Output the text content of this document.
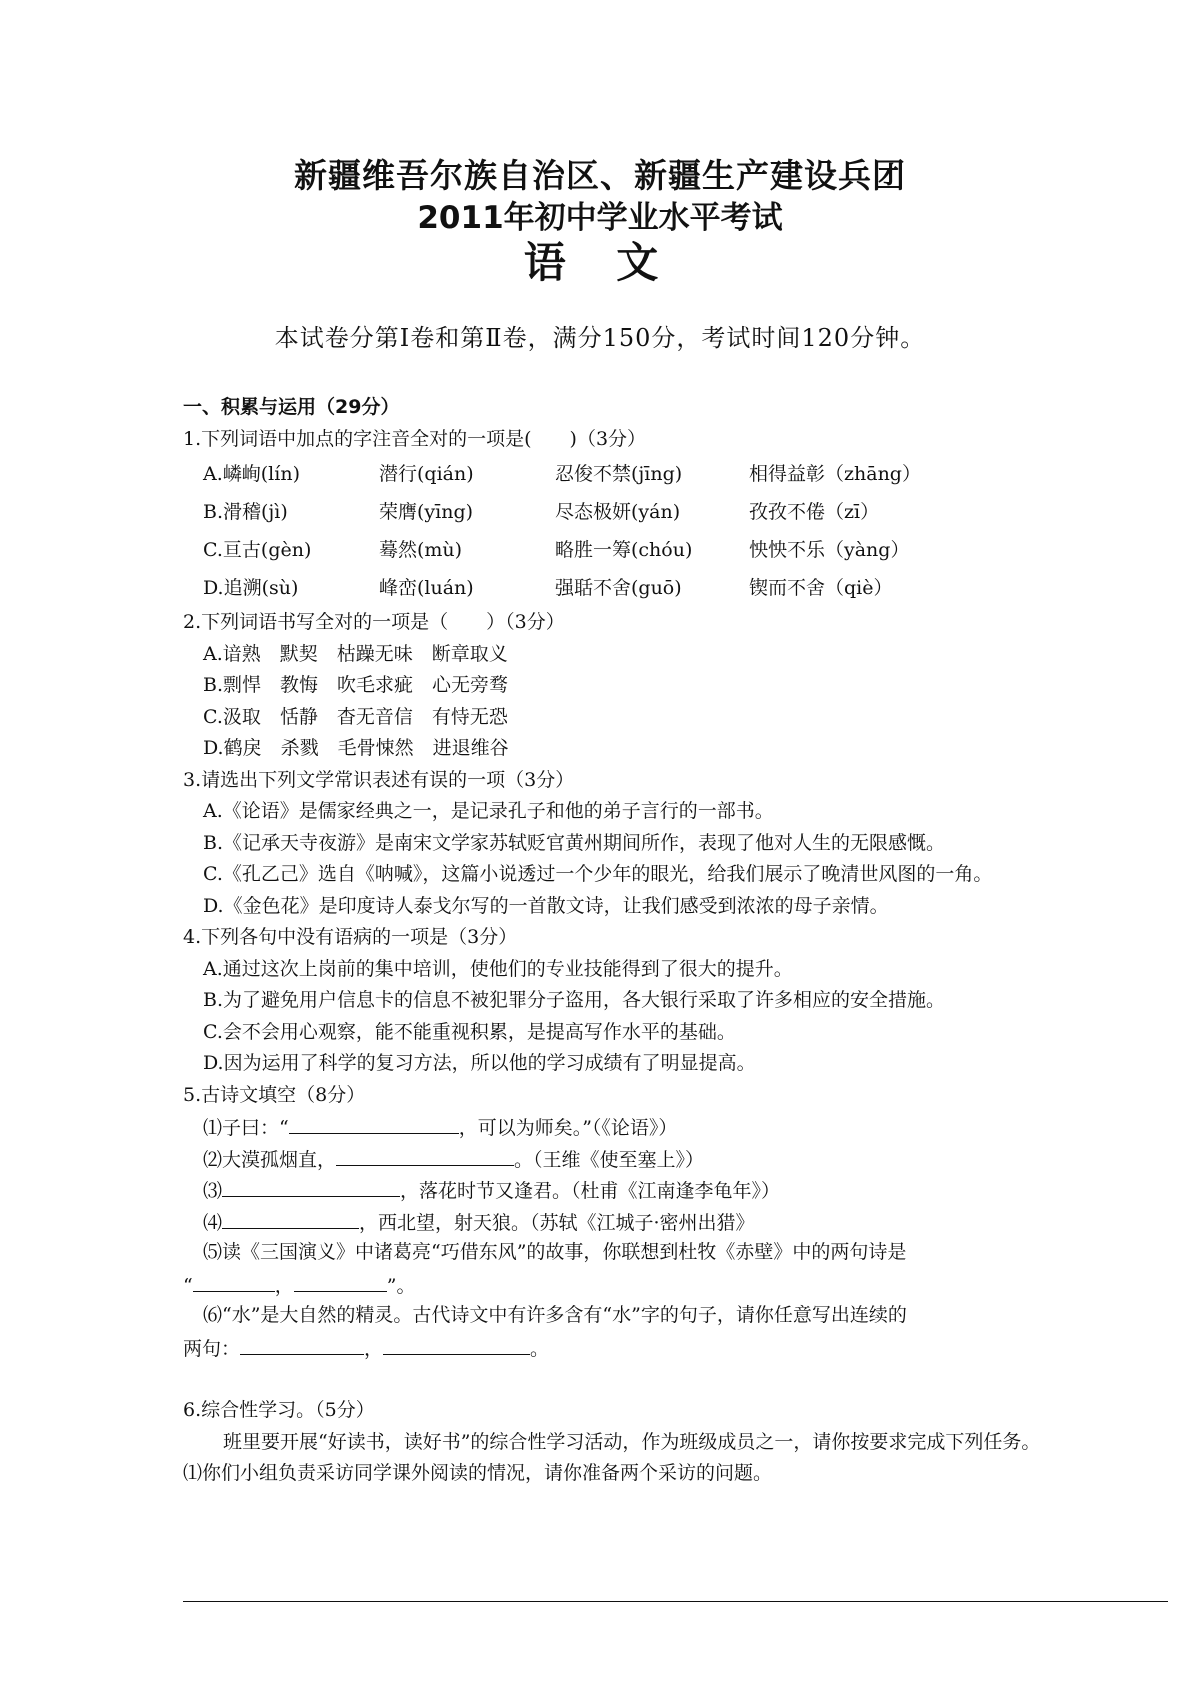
新疆维吾尔族自治区、新疆生产建设兵团
2011年初中学业水平考试
语 文
本试卷分第Ⅰ卷和第Ⅱ卷，满分150分，考试时间120分钟。
一、积累与运用（29分）
1.下列词语中加点的字注音全对的一项是(　　)（3分）
A.嶙峋(lín)	潜行(qián)	忍俊不禁(jīng)	相得益彰（zhāng）
B.滑稽(jì)	荣膺(yīng)	尽态极妍(yán)	孜孜不倦（zī）
C.亘古(gèn)	蓦然(mù)	略胜一筹(chóu)	怏怏不乐（yàng）
D.追溯(sù)	峰峦(luán)	强聒不舍(guō)	锲而不舍（qiè）
2.下列词语书写全对的一项是（　　）（3分）
A.谙熟　默契　枯躁无味　断章取义
B.剽悍　教悔　吹毛求疵　心无旁骛
C.汲取　恬静　杳无音信　有恃无恐
D.鹤戾　杀戮　毛骨悚然　进退维谷
3.请选出下列文学常识表述有误的一项（3分）
A.《论语》是儒家经典之一，是记录孔子和他的弟子言行的一部书。
B.《记承天寺夜游》是南宋文学家苏轼贬官黄州期间所作，表现了他对人生的无限感慨。
C.《孔乙己》选自《呐喊》，这篇小说透过一个少年的眼光，给我们展示了晚清世风图的一角。
D.《金色花》是印度诗人泰戈尔写的一首散文诗，让我们感受到浓浓的母子亲情。
4.下列各句中没有语病的一项是（3分）
A.通过这次上岗前的集中培训，使他们的专业技能得到了很大的提升。
B.为了避免用户信息卡的信息不被犯罪分子盗用，各大银行采取了许多相应的安全措施。
C.会不会用心观察，能不能重视积累，是提高写作水平的基础。
D.因为运用了科学的复习方法，所以他的学习成绩有了明显提高。
5.古诗文填空（8分）
⑴子曰：“	，可以为师矣。”（《论语》）
⑵大漠孤烟直，	。（王维《使至塞上》）
⑶	，落花时节又逢君。（杜甫《江南逢李龟年》）
⑷	，西北望，射天狼。（苏轼《江城子·密州出猎》
⑸读《三国演义》中诸葛亮“巧借东风”的故事，你联想到杜牧《赤壁》中的两句诗是
“	，	”。
⑹“水”是大自然的精灵。古代诗文中有许多含有“水”字的句子，请你任意写出连续的
两句：	，	。
6.综合性学习。（5分）
班里要开展“好读书，读好书”的综合性学习活动，作为班级成员之一，请你按要求完成下列任务。
⑴你们小组负责采访同学课外阅读的情况，请你准备两个采访的问题。
